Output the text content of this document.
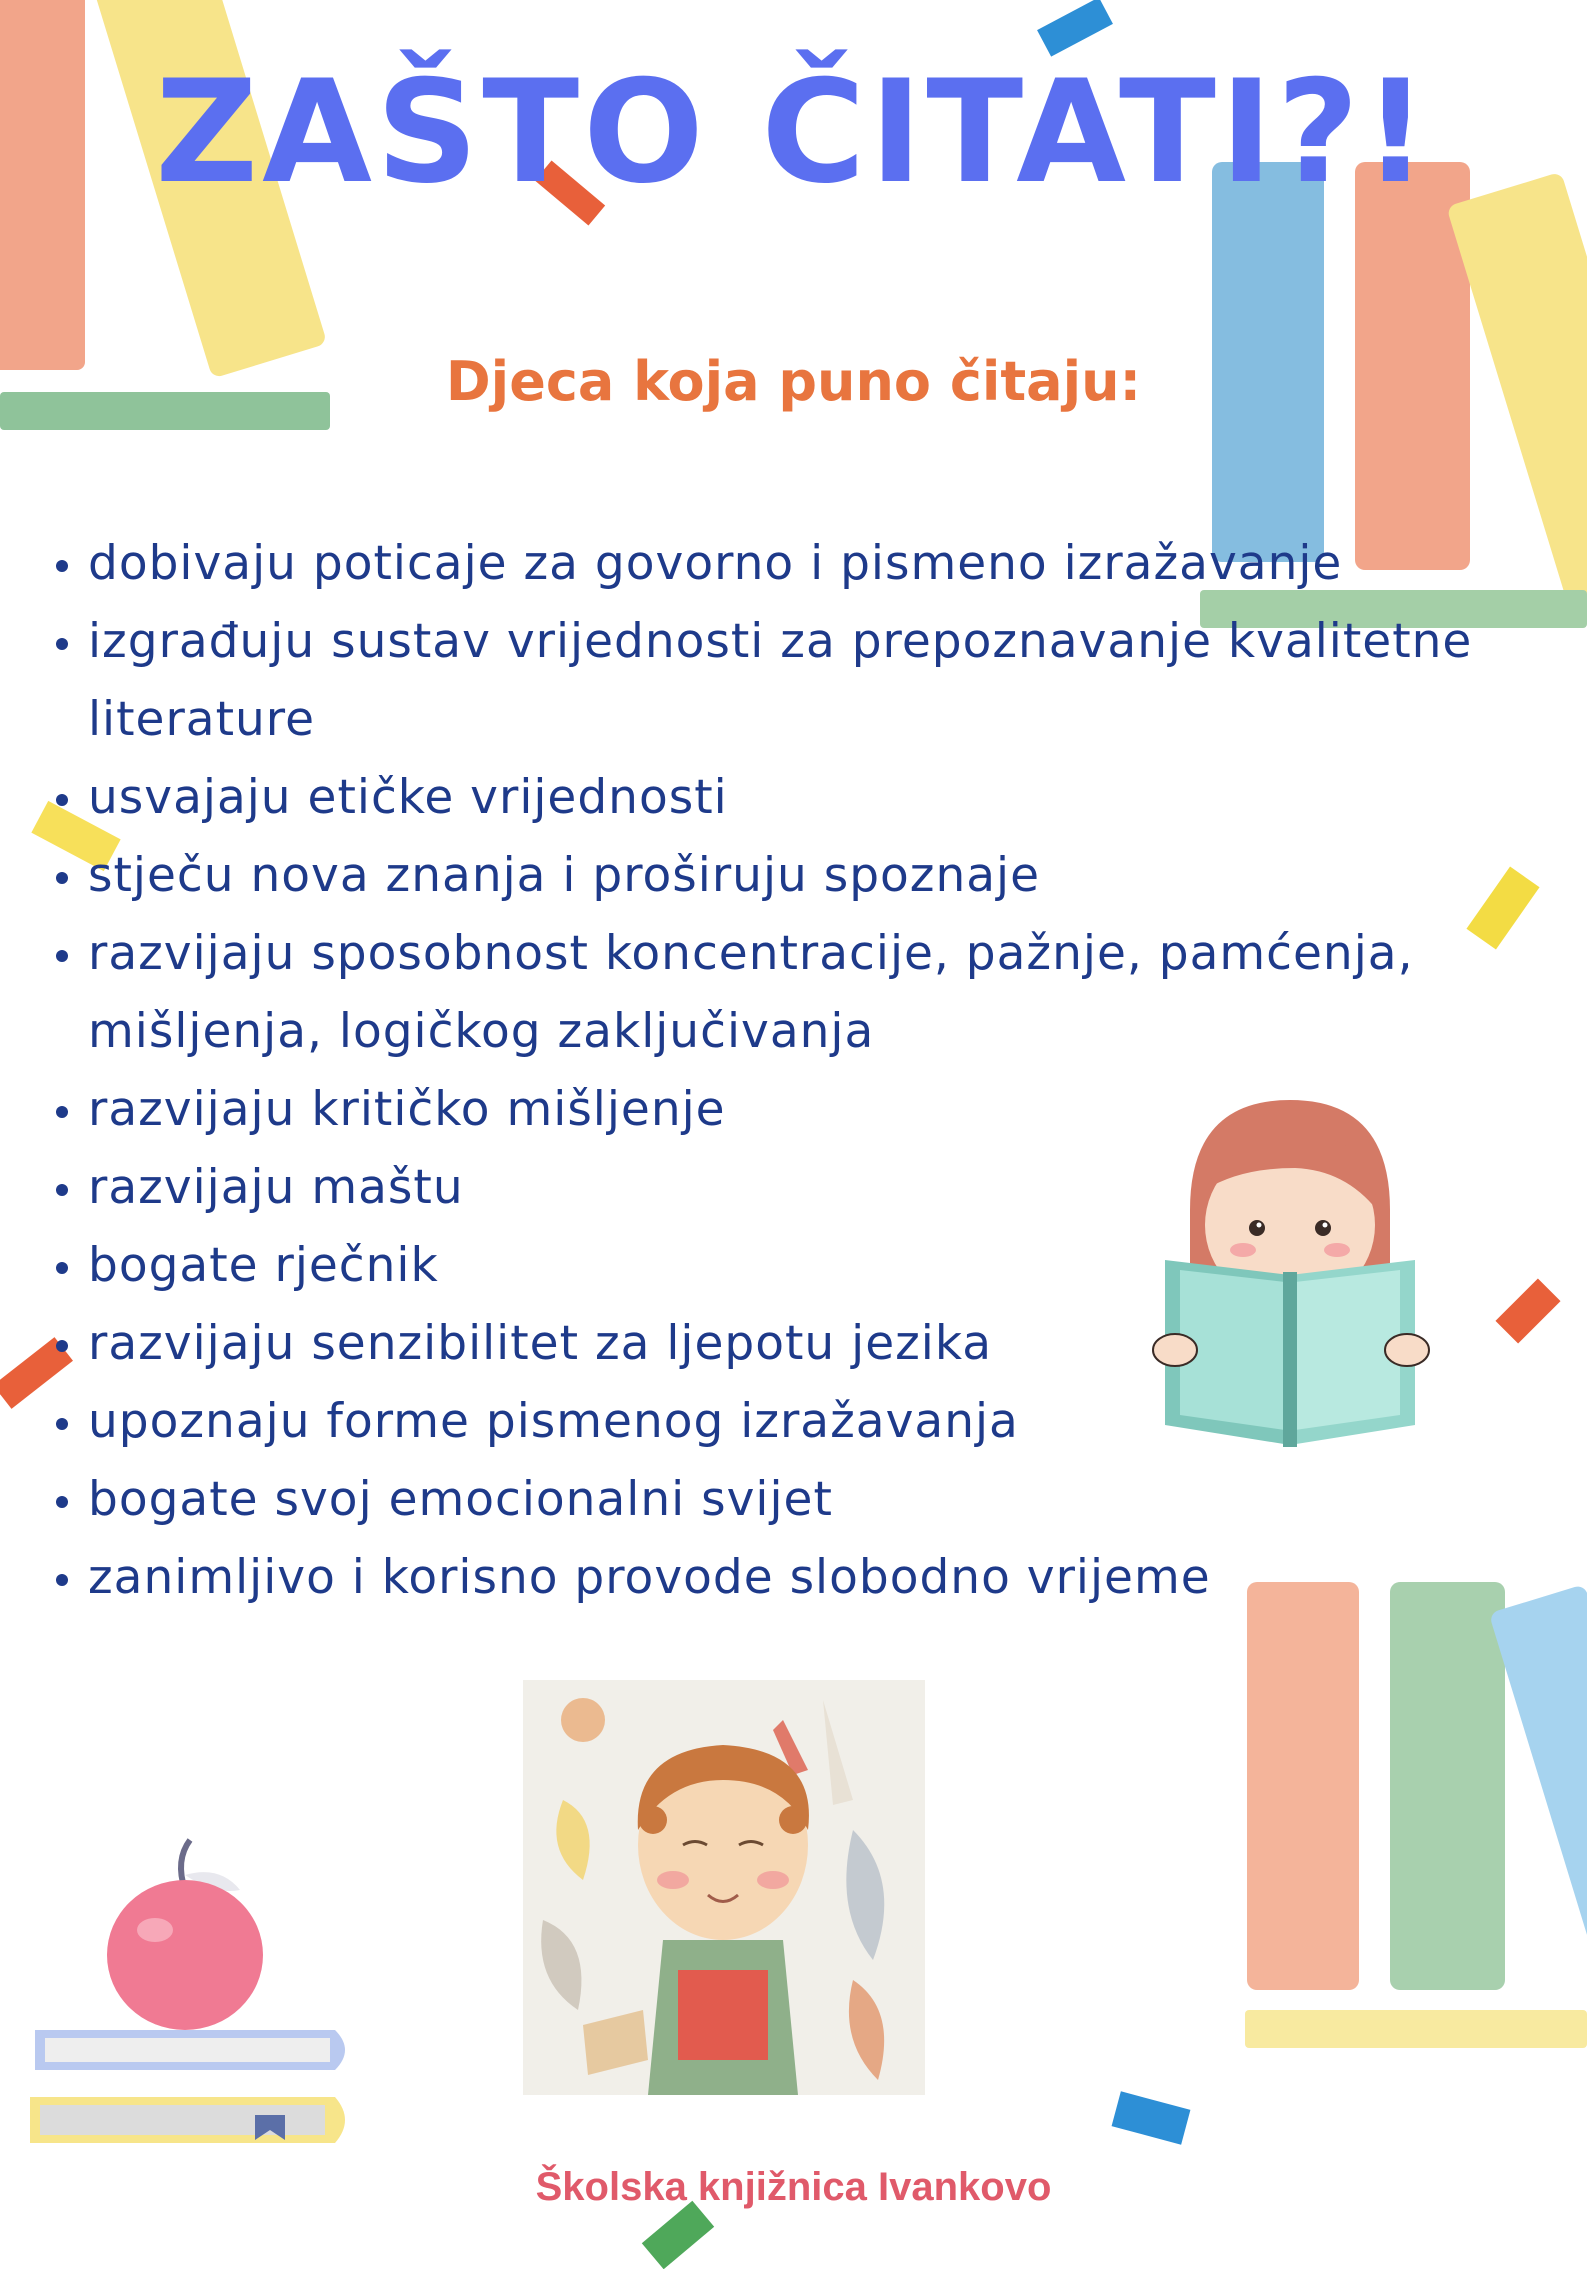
ZAŠTO ČITATI?!

Djeca koja puno čitaju:

dobivaju poticaje za govorno i pismeno izražavanje
izgrađuju sustav vrijednosti za prepoznavanje kvalitetne literature
usvajaju etičke vrijednosti
stječu nova znanja i proširuju spoznaje
razvijaju sposobnost koncentracije, pažnje, pamćenja, mišljenja, logičkog zaključivanja
razvijaju kritičko mišljenje
razvijaju maštu
bogate rječnik
razvijaju senzibilitet za ljepotu jezika
upoznaju forme pismenog izražavanja
bogate svoj emocionalni svijet
zanimljivo i korisno provode slobodno vrijeme

Školska knjižnica Ivankovo
